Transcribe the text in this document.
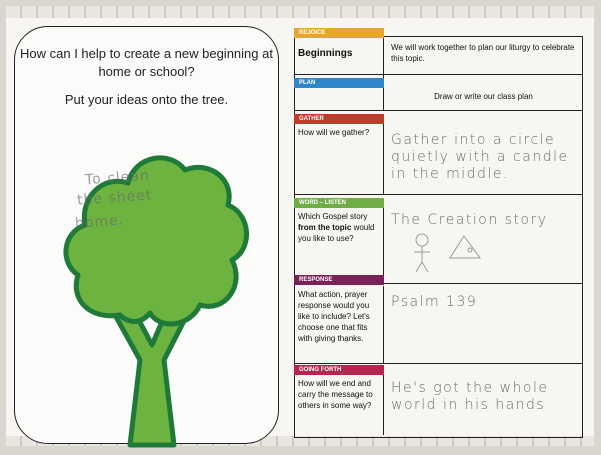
How can I help to create a new beginning at home or school?
Put your ideas onto the tree.
To clean
the sheet
home.
REJOICE
Beginnings
We will work together to plan our liturgy to celebrate this topic.
PLAN
Draw or write our class plan
GATHER
How will we gather?	Gather into a circle quietly with a candle in the middle.
WORD – LISTEN
Which Gospel story from the topic would you like to use?
The Creation story
RESPONSE
What action, prayer response would you like to include? Let's choose one that fits with giving thanks.
Psalm 139
GOING FORTH
How will we end and carry the message to others in some way?
He's got the whole world in his hands
